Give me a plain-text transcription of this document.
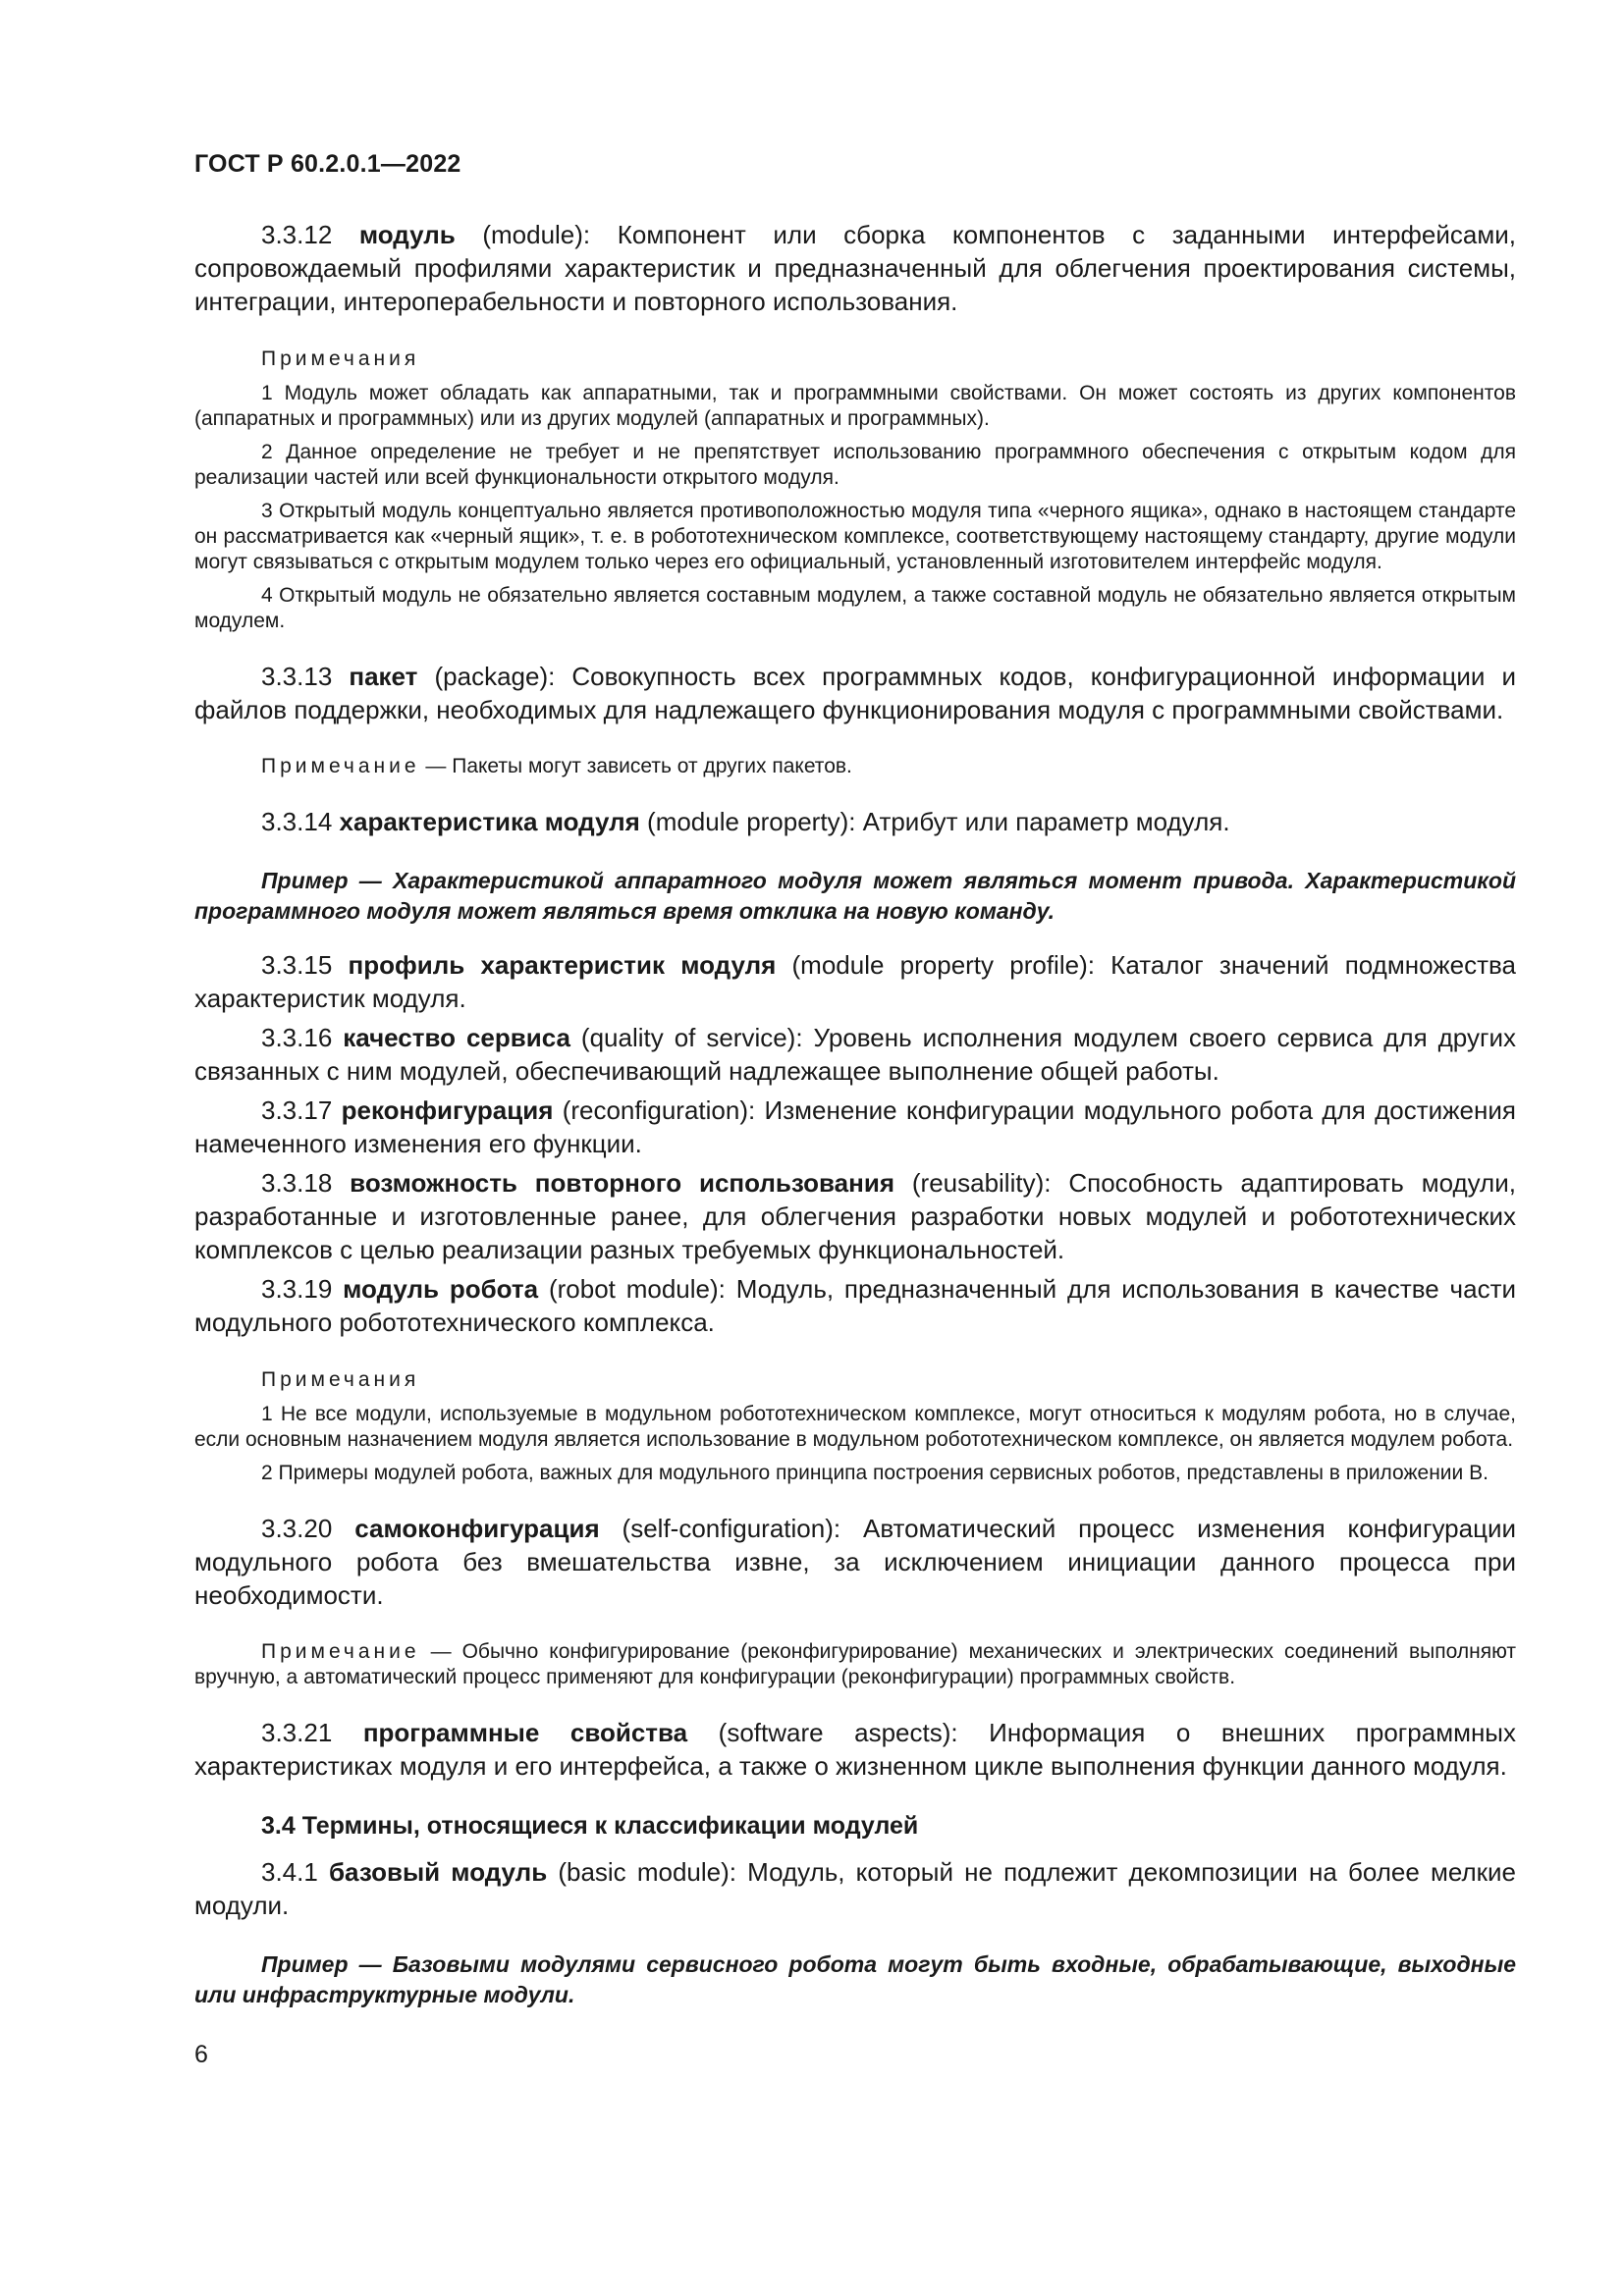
ГОСТ Р 60.2.0.1—2022

3.3.12 модуль (module): Компонент или сборка компонентов с заданными интерфейсами, сопровождаемый профилями характеристик и предназначенный для облегчения проектирования системы, интеграции, интероперабельности и повторного использования.

Примечания

1 Модуль может обладать как аппаратными, так и программными свойствами. Он может состоять из других компонентов (аппаратных и программных) или из других модулей (аппаратных и программных).

2 Данное определение не требует и не препятствует использованию программного обеспечения с открытым кодом для реализации частей или всей функциональности открытого модуля.

3 Открытый модуль концептуально является противоположностью модуля типа «черного ящика», однако в настоящем стандарте он рассматривается как «черный ящик», т. е. в робототехническом комплексе, соответствующему настоящему стандарту, другие модули могут связываться с открытым модулем только через его официальный, установленный изготовителем интерфейс модуля.

4 Открытый модуль не обязательно является составным модулем, а также составной модуль не обязательно является открытым модулем.

3.3.13 пакет (package): Совокупность всех программных кодов, конфигурационной информации и файлов поддержки, необходимых для надлежащего функционирования модуля с программными свойствами.

Примечание — Пакеты могут зависеть от других пакетов.

3.3.14 характеристика модуля (module property): Атрибут или параметр модуля.

Пример — Характеристикой аппаратного модуля может являться момент привода. Характеристикой программного модуля может являться время отклика на новую команду.

3.3.15 профиль характеристик модуля (module property profile): Каталог значений подмножества характеристик модуля.

3.3.16 качество сервиса (quality of service): Уровень исполнения модулем своего сервиса для других связанных с ним модулей, обеспечивающий надлежащее выполнение общей работы.

3.3.17 реконфигурация (reconfiguration): Изменение конфигурации модульного робота для достижения намеченного изменения его функции.

3.3.18 возможность повторного использования (reusability): Способность адаптировать модули, разработанные и изготовленные ранее, для облегчения разработки новых модулей и робототехнических комплексов с целью реализации разных требуемых функциональностей.

3.3.19 модуль робота (robot module): Модуль, предназначенный для использования в качестве части модульного робототехнического комплекса.

Примечания

1 Не все модули, используемые в модульном робототехническом комплексе, могут относиться к модулям робота, но в случае, если основным назначением модуля является использование в модульном робототехническом комплексе, он является модулем робота.

2 Примеры модулей робота, важных для модульного принципа построения сервисных роботов, представлены в приложении В.

3.3.20 самоконфигурация (self-configuration): Автоматический процесс изменения конфигурации модульного робота без вмешательства извне, за исключением инициации данного процесса при необходимости.

Примечание — Обычно конфигурирование (реконфигурирование) механических и электрических соединений выполняют вручную, а автоматический процесс применяют для конфигурации (реконфигурации) программных свойств.

3.3.21 программные свойства (software aspects): Информация о внешних программных характеристиках модуля и его интерфейса, а также о жизненном цикле выполнения функции данного модуля.

3.4 Термины, относящиеся к классификации модулей

3.4.1 базовый модуль (basic module): Модуль, который не подлежит декомпозиции на более мелкие модули.

Пример — Базовыми модулями сервисного робота могут быть входные, обрабатывающие, выходные или инфраструктурные модули.

6
